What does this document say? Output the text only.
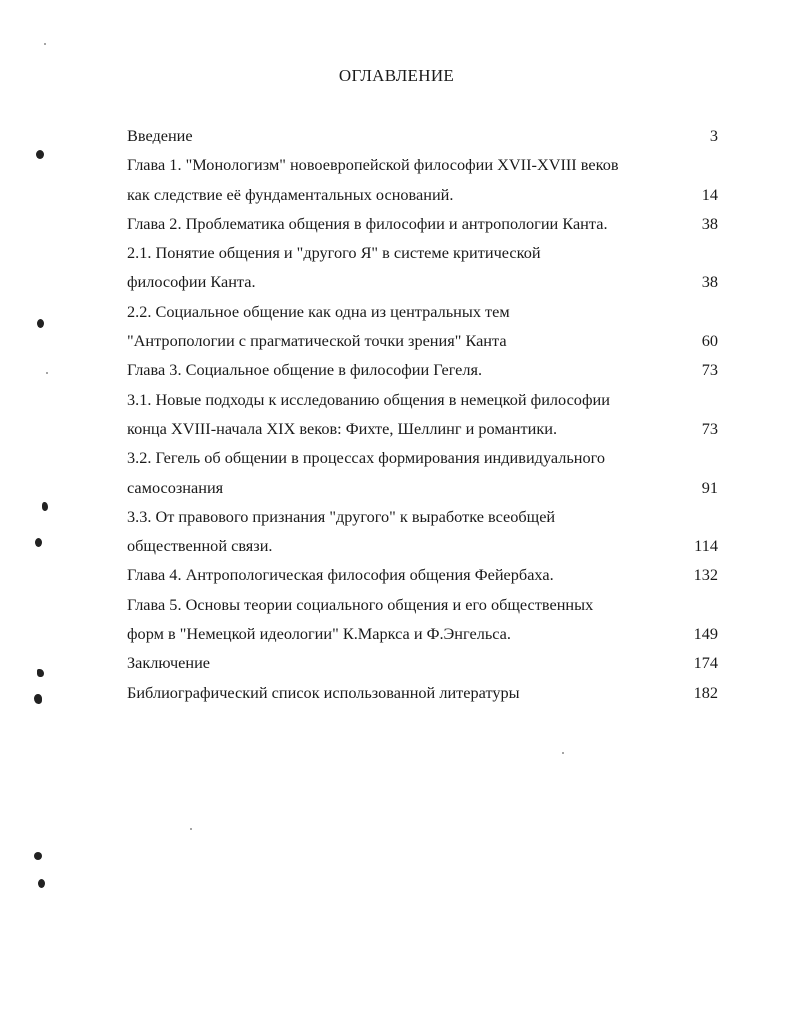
ОГЛАВЛЕНИЕ
Введение	3
Глава 1. "Монологизм" новоевропейской философии XVII-XVIII веков
как следствие её фундаментальных оснований.	14
Глава 2. Проблематика общения в философии и антропологии Канта.	38
2.1. Понятие общения и "другого Я" в системе критической
философии Канта.	38
2.2. Социальное общение как одна из центральных тем
"Антропологии с прагматической точки зрения" Канта	60
Глава 3. Социальное общение в философии Гегеля.	73
3.1. Новые подходы к исследованию общения в немецкой философии
конца XVIII-начала XIX веков: Фихте, Шеллинг и романтики.	73
3.2. Гегель об общении в процессах формирования индивидуального
самосознания	91
3.3. От правового признания "другого" к выработке всеобщей
общественной связи.	114
Глава 4. Антропологическая философия общения Фейербаха.	132
Глава 5. Основы теории социального общения и его общественных
форм в "Немецкой идеологии" К.Маркса и Ф.Энгельса.	149
Заключение	174
Библиографический список использованной литературы	182
